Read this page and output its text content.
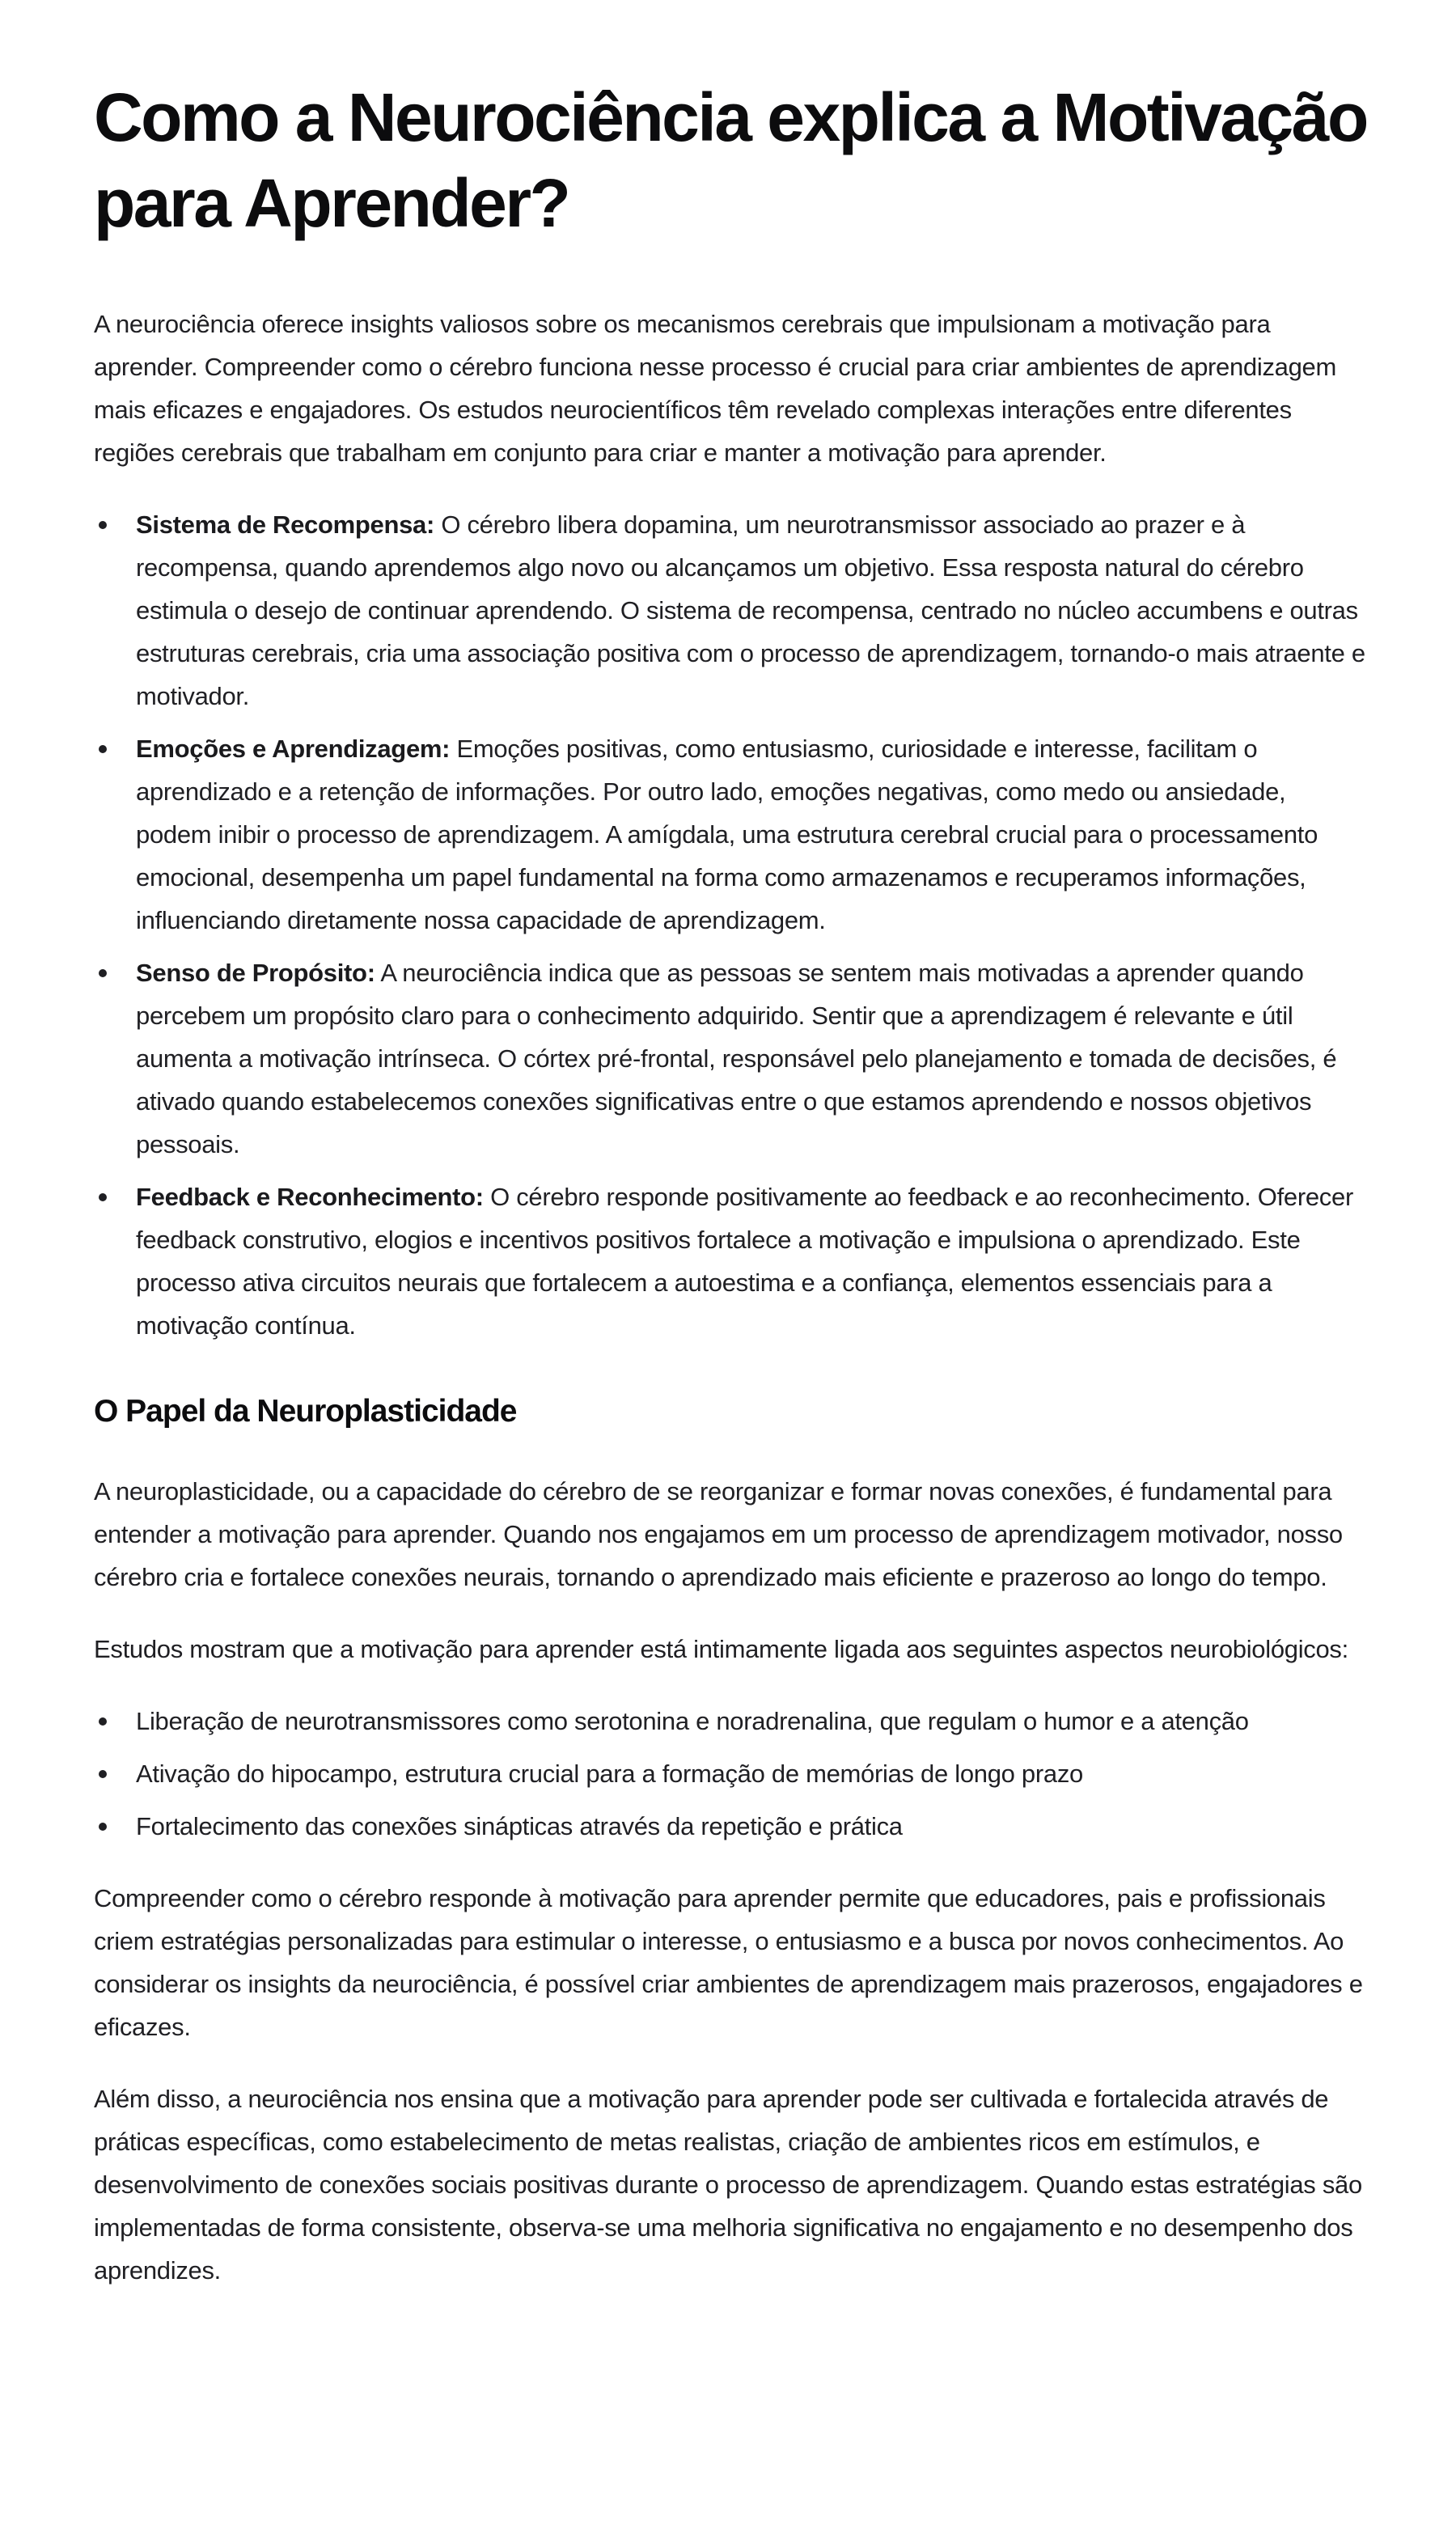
Como a Neurociência explica a Motivação para Aprender?

A neurociência oferece insights valiosos sobre os mecanismos cerebrais que impulsionam a motivação para aprender. Compreender como o cérebro funciona nesse processo é crucial para criar ambientes de aprendizagem mais eficazes e engajadores. Os estudos neurocientíficos têm revelado complexas interações entre diferentes regiões cerebrais que trabalham em conjunto para criar e manter a motivação para aprender.

Sistema de Recompensa: O cérebro libera dopamina, um neurotransmissor associado ao prazer e à recompensa, quando aprendemos algo novo ou alcançamos um objetivo. Essa resposta natural do cérebro estimula o desejo de continuar aprendendo. O sistema de recompensa, centrado no núcleo accumbens e outras estruturas cerebrais, cria uma associação positiva com o processo de aprendizagem, tornando-o mais atraente e motivador.
Emoções e Aprendizagem: Emoções positivas, como entusiasmo, curiosidade e interesse, facilitam o aprendizado e a retenção de informações. Por outro lado, emoções negativas, como medo ou ansiedade, podem inibir o processo de aprendizagem. A amígdala, uma estrutura cerebral crucial para o processamento emocional, desempenha um papel fundamental na forma como armazenamos e recuperamos informações, influenciando diretamente nossa capacidade de aprendizagem.
Senso de Propósito: A neurociência indica que as pessoas se sentem mais motivadas a aprender quando percebem um propósito claro para o conhecimento adquirido. Sentir que a aprendizagem é relevante e útil aumenta a motivação intrínseca. O córtex pré-frontal, responsável pelo planejamento e tomada de decisões, é ativado quando estabelecemos conexões significativas entre o que estamos aprendendo e nossos objetivos pessoais.
Feedback e Reconhecimento: O cérebro responde positivamente ao feedback e ao reconhecimento. Oferecer feedback construtivo, elogios e incentivos positivos fortalece a motivação e impulsiona o aprendizado. Este processo ativa circuitos neurais que fortalecem a autoestima e a confiança, elementos essenciais para a motivação contínua.
O Papel da Neuroplasticidade

A neuroplasticidade, ou a capacidade do cérebro de se reorganizar e formar novas conexões, é fundamental para entender a motivação para aprender. Quando nos engajamos em um processo de aprendizagem motivador, nosso cérebro cria e fortalece conexões neurais, tornando o aprendizado mais eficiente e prazeroso ao longo do tempo.

Estudos mostram que a motivação para aprender está intimamente ligada aos seguintes aspectos neurobiológicos:

Liberação de neurotransmissores como serotonina e noradrenalina, que regulam o humor e a atenção
Ativação do hipocampo, estrutura crucial para a formação de memórias de longo prazo
Fortalecimento das conexões sinápticas através da repetição e prática

Compreender como o cérebro responde à motivação para aprender permite que educadores, pais e profissionais criem estratégias personalizadas para estimular o interesse, o entusiasmo e a busca por novos conhecimentos. Ao considerar os insights da neurociência, é possível criar ambientes de aprendizagem mais prazerosos, engajadores e eficazes.

Além disso, a neurociência nos ensina que a motivação para aprender pode ser cultivada e fortalecida através de práticas específicas, como estabelecimento de metas realistas, criação de ambientes ricos em estímulos, e desenvolvimento de conexões sociais positivas durante o processo de aprendizagem. Quando estas estratégias são implementadas de forma consistente, observa-se uma melhoria significativa no engajamento e no desempenho dos aprendizes.
